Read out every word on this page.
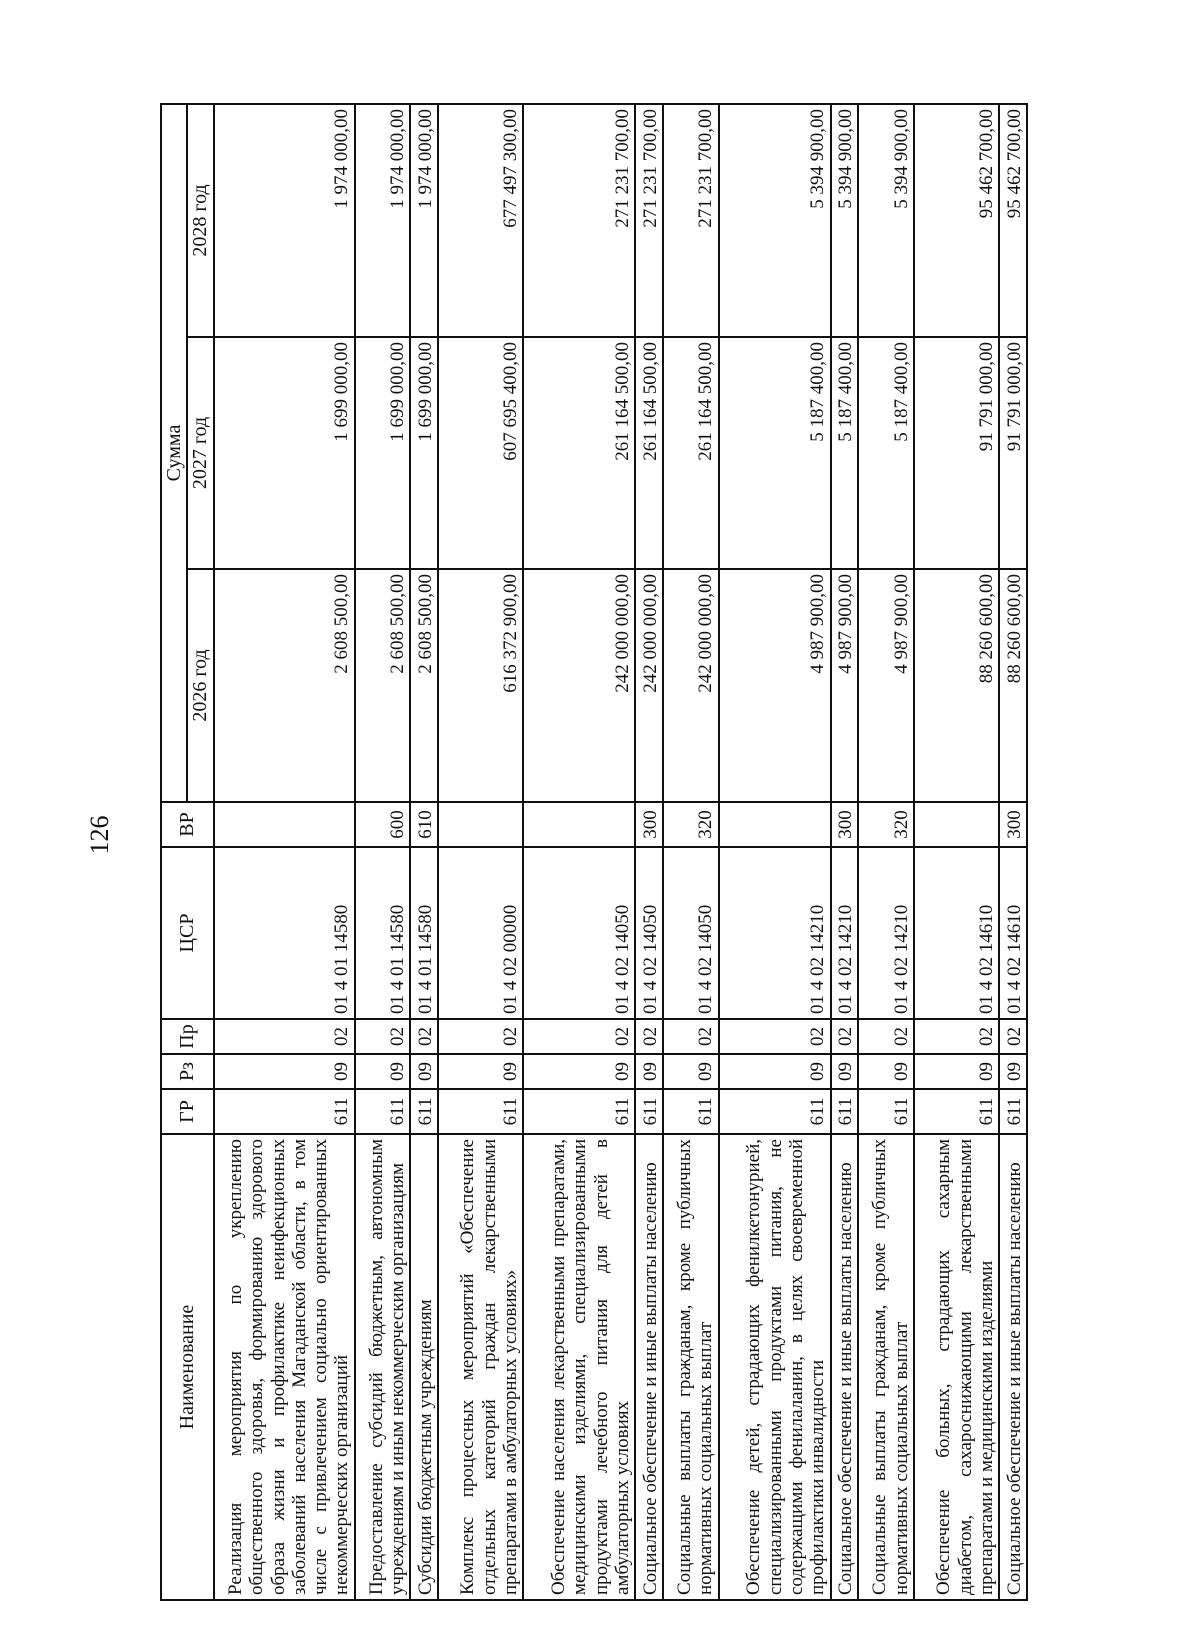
126
Наименование	ГР	Рз	Пр	ЦСР	ВР	Сумма		
						2026 год	2027 год	2028 год
Реализация мероприятия по укреплению общественного здоровья, формированию здорового образа жизни и профилактике неинфекционных заболеваний населения Магаданской области, в том числе с привлечением социально ориентированных некоммерческих организаций	611	09	02	01 4 01 14580		2 608 500,00	1 699 000,00	1 974 000,00
Предоставление субсидий бюджетным, автономным учреждениям и иным некоммерческим организациям	611	09	02	01 4 01 14580	600	2 608 500,00	1 699 000,00	1 974 000,00
Субсидии бюджетным учреждениям	611	09	02	01 4 01 14580	610	2 608 500,00	1 699 000,00	1 974 000,00
Комплекс процессных мероприятий «Обеспечение отдельных категорий граждан лекарственными препаратами в амбулаторных условиях»	611	09	02	01 4 02 00000		616 372 900,00	607 695 400,00	677 497 300,00
Обеспечение населения лекарственными препаратами, медицинскими изделиями, специализированными продуктами лечебного питания для детей в амбулаторных условиях	611	09	02	01 4 02 14050		242 000 000,00	261 164 500,00	271 231 700,00
Социальное обеспечение и иные выплаты населению	611	09	02	01 4 02 14050	300	242 000 000,00	261 164 500,00	271 231 700,00
Социальные выплаты гражданам, кроме публичных нормативных социальных выплат	611	09	02	01 4 02 14050	320	242 000 000,00	261 164 500,00	271 231 700,00
Обеспечение детей, страдающих фенилкетонурией, специализированными продуктами питания, не содержащими фенилаланин, в целях своевременной профилактики инвалидности	611	09	02	01 4 02 14210		4 987 900,00	5 187 400,00	5 394 900,00
Социальное обеспечение и иные выплаты населению	611	09	02	01 4 02 14210	300	4 987 900,00	5 187 400,00	5 394 900,00
Социальные выплаты гражданам, кроме публичных нормативных социальных выплат	611	09	02	01 4 02 14210	320	4 987 900,00	5 187 400,00	5 394 900,00
Обеспечение больных, страдающих сахарным диабетом, сахароснижающими лекарственными препаратами и медицинскими изделиями	611	09	02	01 4 02 14610		88 260 600,00	91 791 000,00	95 462 700,00
Социальное обеспечение и иные выплаты населению	611	09	02	01 4 02 14610	300	88 260 600,00	91 791 000,00	95 462 700,00
